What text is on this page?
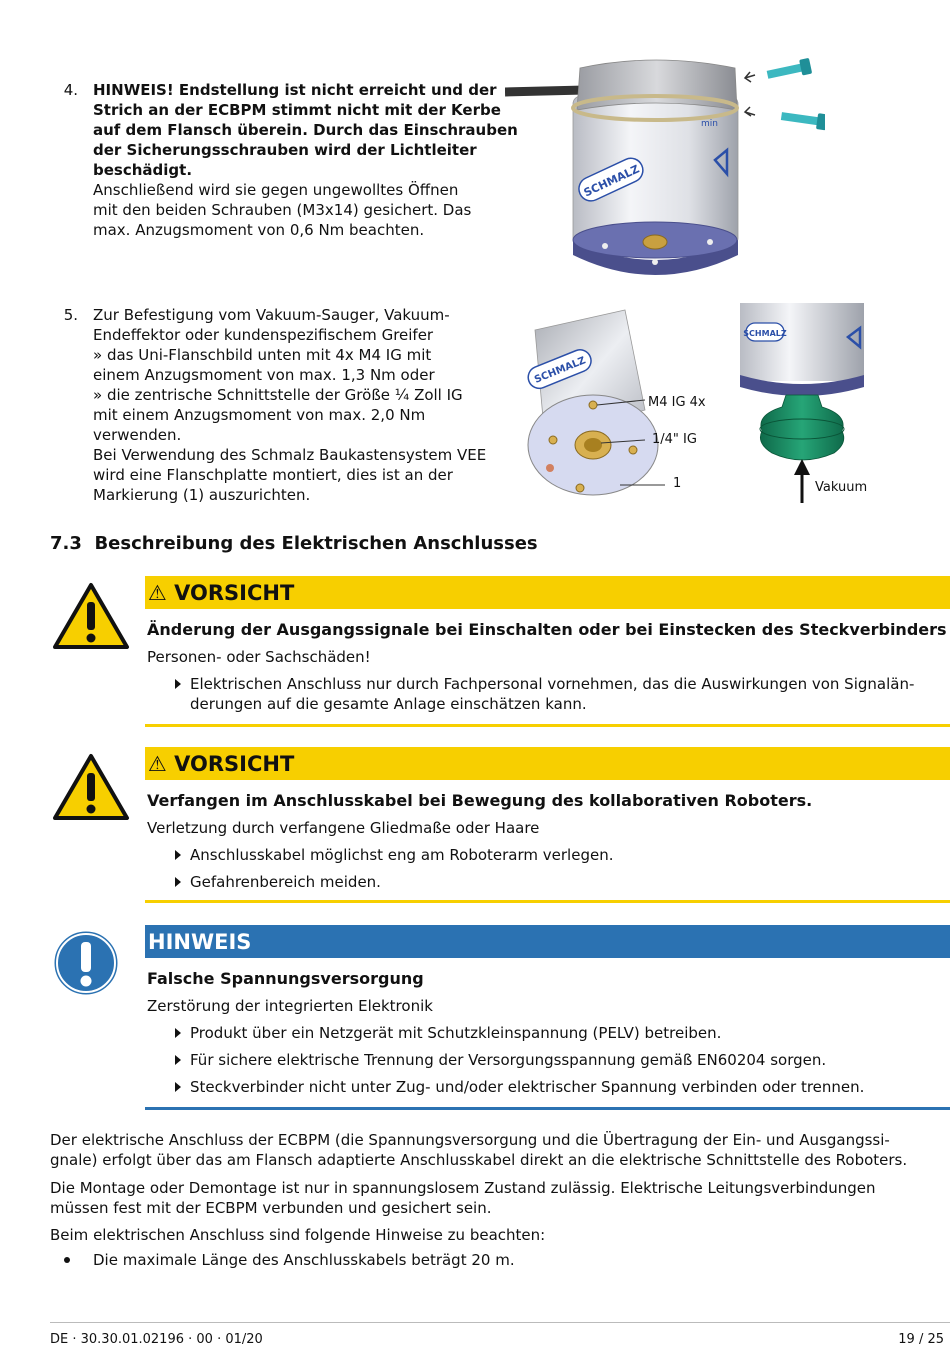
4. HINWEIS! Endstellung ist nicht erreicht und der
Strich an der ECBPM stimmt nicht mit der Kerbe
auf dem Flansch überein. Durch das Einschrauben
der Sicherungsschrauben wird der Lichtleiter
beschädigt.
Anschließend wird sie gegen ungewolltes Öffnen
mit den beiden Schrauben (M3x14) gesichert. Das
max. Anzugsmoment von 0,6 Nm beachten.
SCHMALZ
min
5. Zur Befestigung vom Vakuum-Sauger, Vakuum-
Endeffektor oder kundenspezifischem Greifer
» das Uni-Flanschbild unten mit 4x M4 IG mit
einem Anzugsmoment von max. 1,3 Nm oder
» die zentrische Schnittstelle der Größe ¼ Zoll IG
mit einem Anzugsmoment von max. 2,0 Nm
verwenden.
Bei Verwendung des Schmalz Baukastensystem VEE
wird eine Flanschplatte montiert, dies ist an der
Markierung (1) auszurichten.
SCHMALZ
M4 IG 4x
1/4" IG
1
SCHMALZ
Vakuum
7.3 Beschreibung des Elektrischen Anschlusses
⚠ VORSICHT
Änderung der Ausgangssignale bei Einschalten oder bei Einstecken des Steckverbinders
Personen- oder Sachschäden!
Elektrischen Anschluss nur durch Fachpersonal vornehmen, das die Auswirkungen von Signalän-
derungen auf die gesamte Anlage einschätzen kann.
⚠ VORSICHT
Verfangen im Anschlusskabel bei Bewegung des kollaborativen Roboters.
Verletzung durch verfangene Gliedmaße oder Haare
Anschlusskabel möglichst eng am Roboterarm verlegen.
Gefahrenbereich meiden.
HINWEIS
Falsche Spannungsversorgung
Zerstörung der integrierten Elektronik
Produkt über ein Netzgerät mit Schutzkleinspannung (PELV) betreiben.
Für sichere elektrische Trennung der Versorgungsspannung gemäß EN60204 sorgen.
Steckverbinder nicht unter Zug- und/oder elektrischer Spannung verbinden oder trennen.
Der elektrische Anschluss der ECBPM (die Spannungsversorgung und die Übertragung der Ein- und Ausgangssi-
gnale) erfolgt über das am Flansch adaptierte Anschlusskabel direkt an die elektrische Schnittstelle des Roboters.
Die Montage oder Demontage ist nur in spannungslosem Zustand zulässig. Elektrische Leitungsverbindungen
müssen fest mit der ECBPM verbunden und gesichert sein.
Beim elektrischen Anschluss sind folgende Hinweise zu beachten:
Die maximale Länge des Anschlusskabels beträgt 20 m.
DE · 30.30.01.02196 · 00 · 01/20	19 / 25
